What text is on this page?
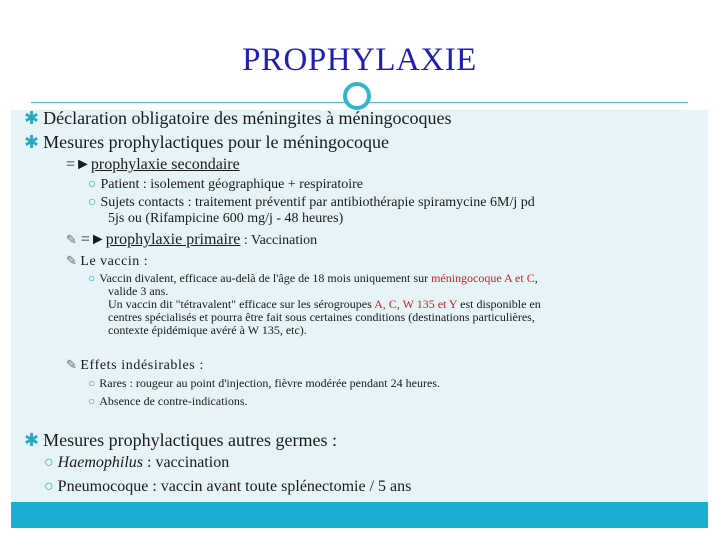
PROPHYLAXIE
✱ Déclaration obligatoire des méningites à méningocoques
✱ Mesures prophylactiques pour le méningocoque
=►prophylaxie secondaire
○ Patient : isolement géographique + respiratoire
○ Sujets contacts : traitement préventif par antibiothérapie spiramycine 6M/j pd
5js ou (Rifampicine 600 mg/j - 48 heures)
✎ =►prophylaxie primaire : Vaccination
✎ Le vaccin :
○ Vaccin divalent, efficace au-delà de l'âge de 18 mois uniquement sur méningocoque A et C,
valide 3 ans.
Un vaccin dit "tétravalent" efficace sur les sérogroupes A, C, W 135 et Y est disponible en
centres spécialisés et pourra être fait sous certaines conditions (destinations particulières,
contexte épidémique avéré à W 135, etc).
✎ Effets indésirables :
○ Rares : rougeur au point d'injection, fièvre modérée pendant 24 heures.
○ Absence de contre-indications.
✱ Mesures prophylactiques autres germes :
○ Haemophilus : vaccination
○ Pneumocoque : vaccin avant toute splénectomie / 5 ans
